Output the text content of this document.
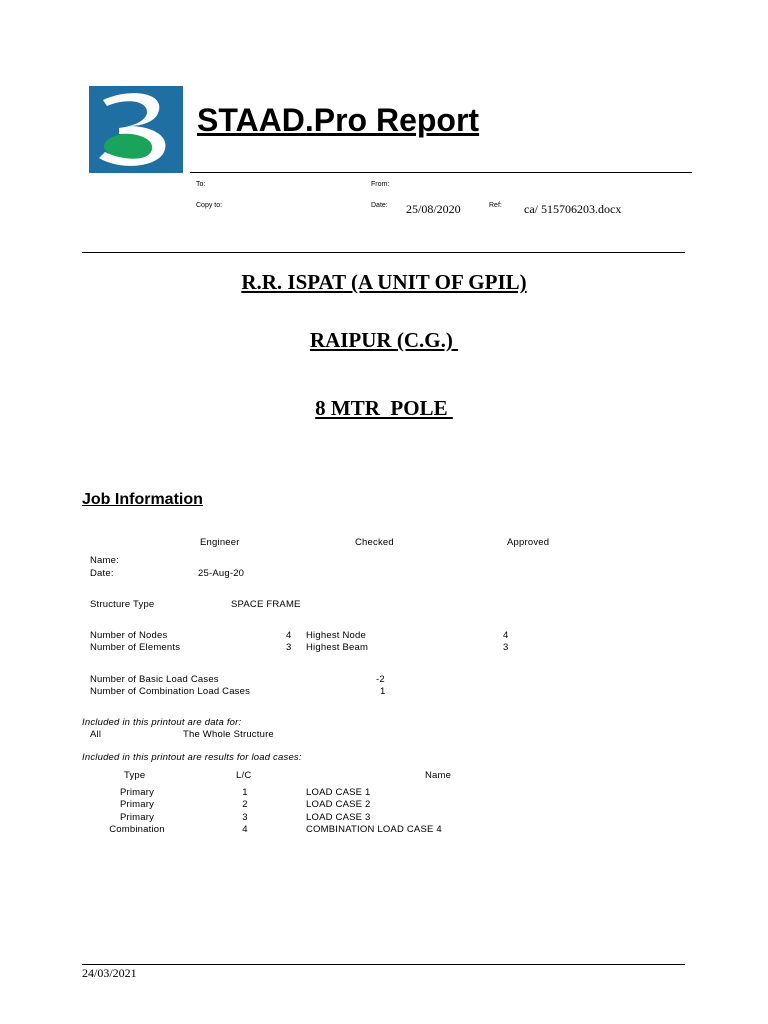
STAAD.Pro Report
To:	From:
Copy to:	Date: 25/08/2020	Ref: ca/ 515706203.docx
R.R. ISPAT (A UNIT OF GPIL)
RAIPUR (C.G.)
8 MTR  POLE
Job Information
Engineer	Checked	Approved
Name:
Date:	25-Aug-20
Structure Type	SPACE FRAME
Number of Nodes	4 Highest Node	4
Number of Elements	3 Highest Beam	3
Number of Basic Load Cases	-2
Number of Combination Load Cases	1
Included in this printout are data for:
All	The Whole Structure
Included in this printout are results for load cases:
Type	L/C	Name
Primary	1	LOAD CASE 1
Primary	2	LOAD CASE 2
Primary	3	LOAD CASE 3
Combination	4	COMBINATION LOAD CASE 4
24/03/2021
